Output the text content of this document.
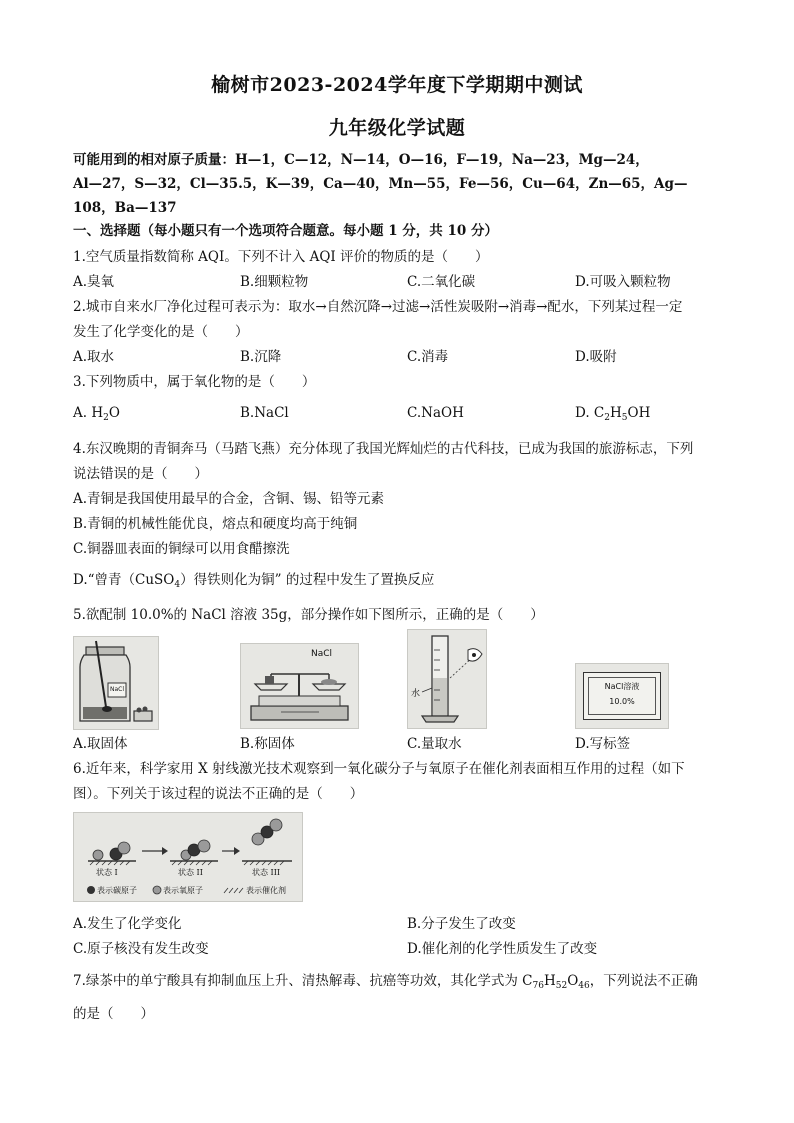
榆树市2023-2024学年度下学期期中测试
九年级化学试题
可能用到的相对原子质量：H—1，C—12，N—14，O—16，F—19，Na—23，Mg—24，
Al—27，S—32，Cl—35.5，K—39，Ca—40，Mn—55，Fe—56，Cu—64，Zn—65，Ag—
108，Ba—137
一、选择题（每小题只有一个选项符合题意。每小题 1 分，共 10 分）
1.空气质量指数简称 AQI。下列不计入 AQI 评价的物质的是（　　）
A.臭氧	B.细颗粒物	C.二氧化碳	D.可吸入颗粒物
2.城市自来水厂净化过程可表示为：取水→自然沉降→过滤→活性炭吸附→消毒→配水，下列某过程一定
发生了化学变化的是（　　）
A.取水	B.沉降	C.消毒	D.吸附
3.下列物质中，属于氧化物的是（　　）
A. $H_2O$	B.NaCl	C.NaOH	D. $C_2H_5OH$
4.东汉晚期的青铜奔马（马踏飞燕）充分体现了我国光辉灿烂的古代科技，已成为我国的旅游标志，下列
说法错误的是（　　）
A.青铜是我国使用最早的合金，含铜、锡、铅等元素
B.青铜的机械性能优良，熔点和硬度均高于纯铜
C.铜器皿表面的铜绿可以用食醋擦洗
D.“曾青（CuSO$_4$）得铁则化为铜” 的过程中发生了置换反应
5.欲配制 10.0%的 NaCl 溶液 35g，部分操作如下图所示，正确的是（　　）
NaCl
NaCl
水
NaCl溶液
10.0%
A.取固体	B.称固体	C.量取水	D.写标签
6.近年来，科学家用 X 射线激光技术观察到一氧化碳分子与氧原子在催化剂表面相互作用的过程（如下
图）。下列关于该过程的说法不正确的是（　　）
状态 I	状态 II	状态 III
表示碳原子	表示氧原子	表示催化剂
A.发生了化学变化	B.分子发生了改变
C.原子核没有发生改变	D.催化剂的化学性质发生了改变
7.绿茶中的单宁酸具有抑制血压上升、清热解毒、抗癌等功效，其化学式为 $C_{76}H_{52}O_{46}$，下列说法不正确
的是（　　）
